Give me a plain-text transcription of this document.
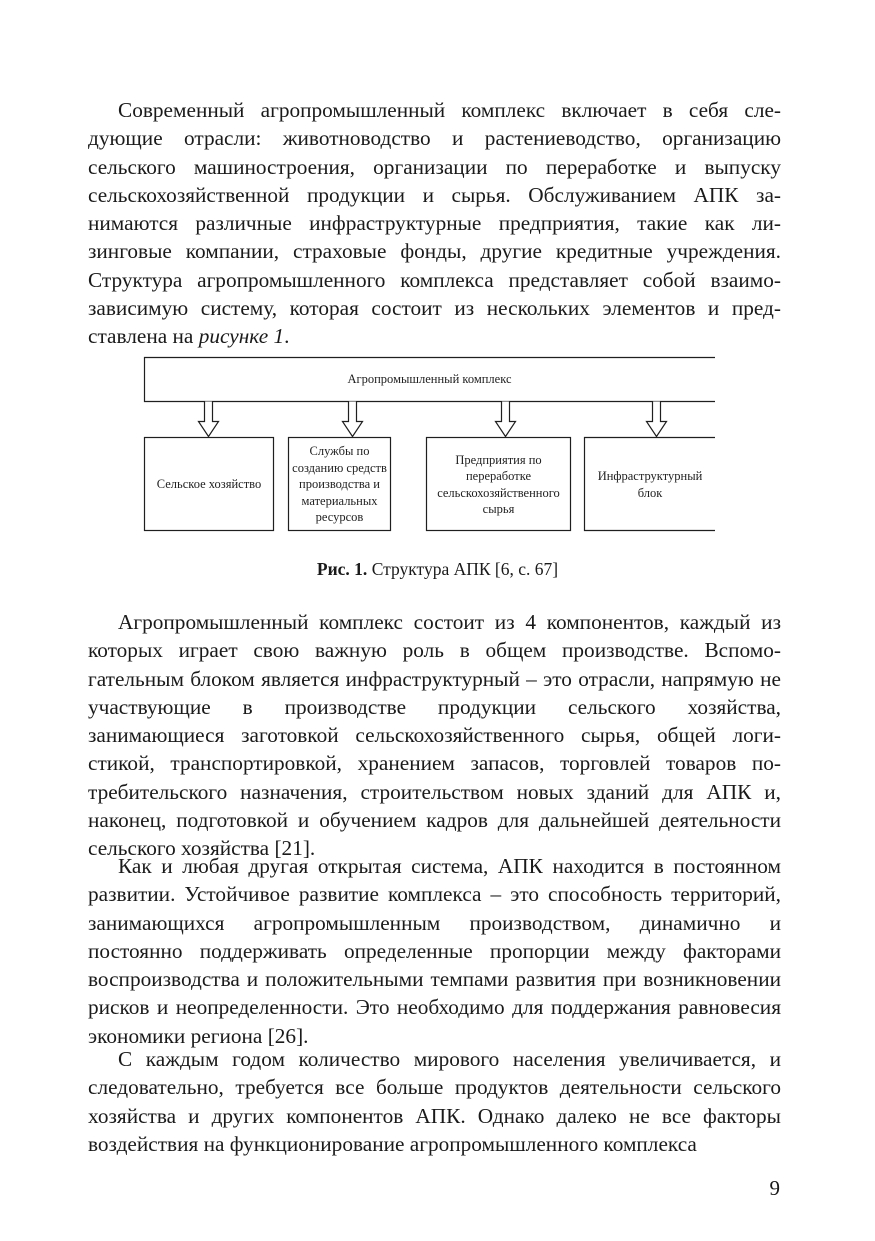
Современный агропромышленный комплекс включает в себя следующие отрасли: животноводство и растениеводство, организацию сельского машиностроения, организации по переработке и выпуску сельскохозяйственной продукции и сырья. Обслуживанием АПК занимаются различные инфраструктурные предприятия, такие как лизинговые компании, страховые фонды, другие кредитные учреждения. Структура агропромышленного комплекса представляет собой взаимозависимую систему, которая состоит из нескольких элементов и представлена на рисунке 1.

Агропромышленный комплекс
Сельское хозяйство
Службы по созданию средств производства и материальных ресурсов
Предприятия по переработке сельскохозяйственного сырья
Инфраструктурный блок
Рис. 1. Структура АПК [6, с. 67]

Агропромышленный комплекс состоит из 4 компонентов, каждый из которых играет свою важную роль в общем производстве. Вспомогательным блоком является инфраструктурный – это отрасли, напрямую не участвующие в производстве продукции сельского хозяйства, занимающиеся заготовкой сельскохозяйственного сырья, общей логистикой, транспортировкой, хранением запасов, торговлей товаров потребительского назначения, строительством новых зданий для АПК и, наконец, подготовкой и обучением кадров для дальнейшей деятельности сельского хозяйства [21].

Как и любая другая открытая система, АПК находится в постоянном развитии. Устойчивое развитие комплекса – это способность территорий, занимающихся агропромышленным производством, динамично и постоянно поддерживать определенные пропорции между факторами воспроизводства и положительными темпами развития при возникновении рисков и неопределенности. Это необходимо для поддержания равновесия экономики региона [26].

С каждым годом количество мирового населения увеличивается, и следовательно, требуется все больше продуктов деятельности сельского хозяйства и других компонентов АПК. Однако далеко не все факторы воздействия на функционирование агропромышленного комплекса

9
